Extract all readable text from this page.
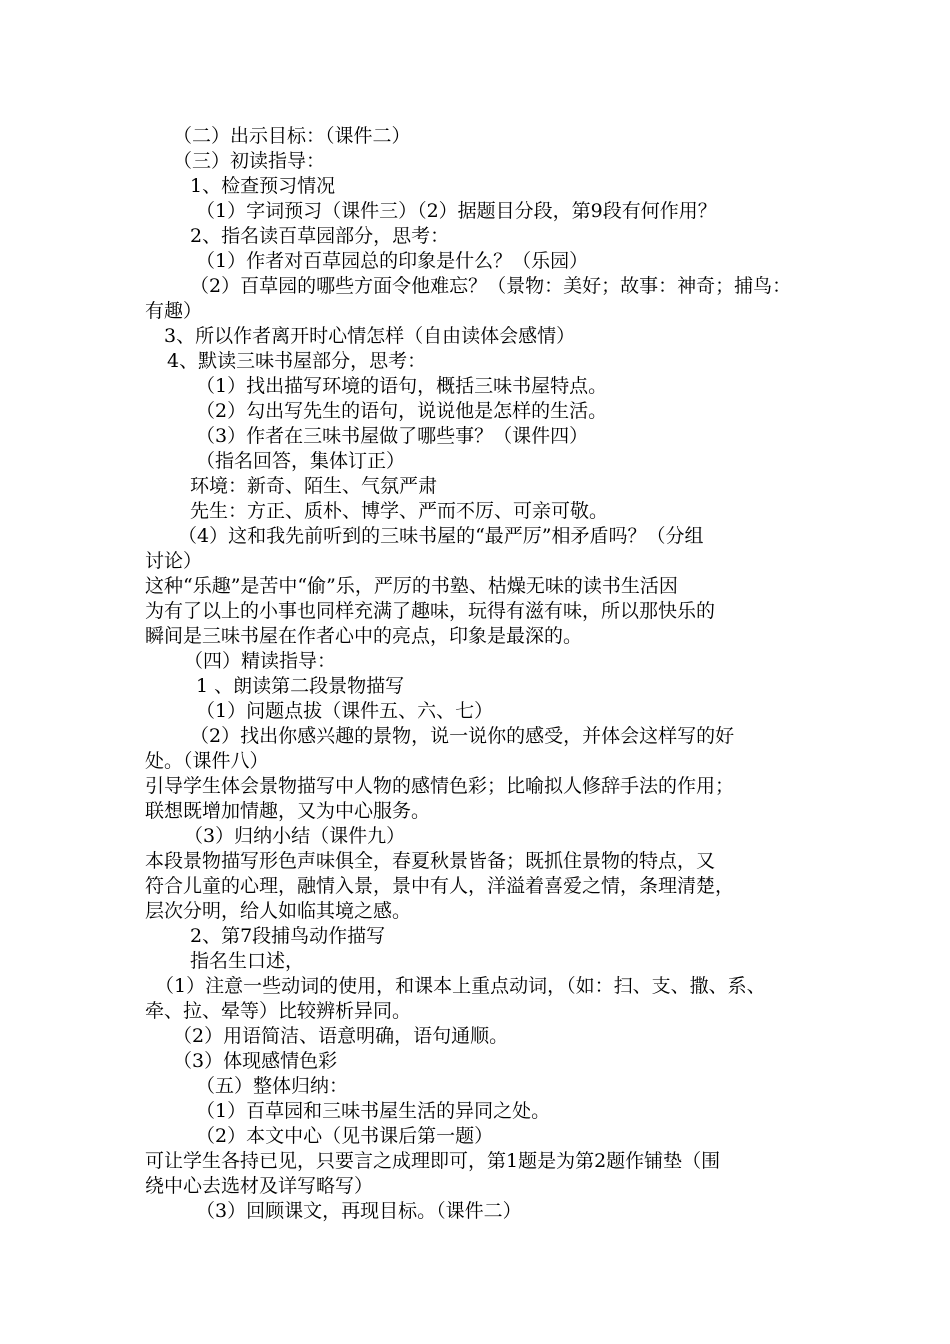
（二）出示目标：（课件二）
（三）初读指导：
1、检查预习情况
（1）字词预习（课件三）（2）据题目分段，第9段有何作用？
2、指名读百草园部分，思考：
（1）作者对百草园总的印象是什么？（乐园）
（2）百草园的哪些方面令他难忘？（景物：美好；故事：神奇；捕鸟：
有趣）
3、所以作者离开时心情怎样（自由读体会感情）
4、默读三味书屋部分，思考：
（1）找出描写环境的语句，概括三味书屋特点。
（2）勾出写先生的语句，说说他是怎样的生活。
（3）作者在三味书屋做了哪些事？（课件四）
（指名回答，集体订正）
环境：新奇、陌生、气氛严肃
先生：方正、质朴、博学、严而不厉、可亲可敬。
（4）这和我先前听到的三味书屋的“最严厉”相矛盾吗？（分组
讨论）
这种“乐趣”是苦中“偷”乐，严厉的书塾、枯燥无味的读书生活因
为有了以上的小事也同样充满了趣味，玩得有滋有味，所以那快乐的
瞬间是三味书屋在作者心中的亮点，印象是最深的。
（四）精读指导：
1 、朗读第二段景物描写
（1）问题点拔（课件五、六、七）
（2）找出你感兴趣的景物，说一说你的感受，并体会这样写的好
处。（课件八）
引导学生体会景物描写中人物的感情色彩；比喻拟人修辞手法的作用；
联想既增加情趣，又为中心服务。
（3）归纳小结（课件九）
本段景物描写形色声味俱全，春夏秋景皆备；既抓住景物的特点，又
符合儿童的心理，融情入景，景中有人，洋溢着喜爱之情，条理清楚，
层次分明，给人如临其境之感。
2、第7段捕鸟动作描写
指名生口述，
（1）注意一些动词的使用，和课本上重点动词，（如：扫、支、撒、系、
牵、拉、晕等）比较辨析异同。
（2）用语简洁、语意明确，语句通顺。
（3）体现感情色彩
（五）整体归纳：
（1）百草园和三味书屋生活的异同之处。
（2）本文中心（见书课后第一题）
可让学生各持已见，只要言之成理即可，第1题是为第2题作铺垫（围
绕中心去选材及详写略写）
（3）回顾课文，再现目标。（课件二）
